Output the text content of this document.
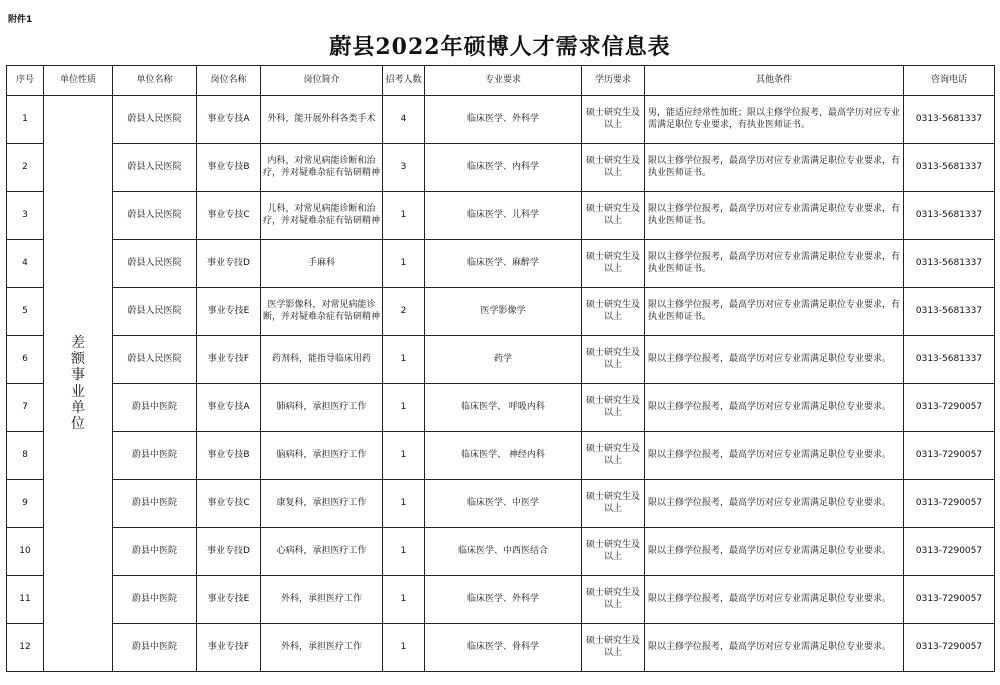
附件1
蔚县2022年硕博人才需求信息表
序号	单位性质	单位名称	岗位名称	岗位简介	招考人数	专业要求	学历要求	其他条件	咨询电话
1	差额事业单位	蔚县人民医院	事业专技A	外科，能开展外科各类手术	4	临床医学、外科学	硕士研究生及以上	男，能适应经常性加班；限以主修学位报考，最高学历对应专业需满足职位专业要求，有执业医师证书。	0313-5681337
2		蔚县人民医院	事业专技B	内科，对常见病能诊断和治疗，并对疑难杂症有钻研精神	3	临床医学、内科学	硕士研究生及以上	限以主修学位报考，最高学历对应专业需满足职位专业要求，有执业医师证书。	0313-5681337
3		蔚县人民医院	事业专技C	儿科，对常见病能诊断和治疗，并对疑难杂症有钻研精神	1	临床医学、儿科学	硕士研究生及以上	限以主修学位报考，最高学历对应专业需满足职位专业要求，有执业医师证书。	0313-5681337
4		蔚县人民医院	事业专技D	手麻科	1	临床医学、麻醉学	硕士研究生及以上	限以主修学位报考，最高学历对应专业需满足职位专业要求，有执业医师证书。	0313-5681337
5		蔚县人民医院	事业专技E	医学影像科，对常见病能诊断，并对疑难杂症有钻研精神	2	医学影像学	硕士研究生及以上	限以主修学位报考，最高学历对应专业需满足职位专业要求，有执业医师证书。	0313-5681337
6		蔚县人民医院	事业专技F	药剂科，能指导临床用药	1	药学	硕士研究生及以上	限以主修学位报考，最高学历对应专业需满足职位专业要求。	0313-5681337
7		蔚县中医院	事业专技A	肺病科，承担医疗工作	1	临床医学、 呼吸内科	硕士研究生及以上	限以主修学位报考，最高学历对应专业需满足职位专业要求。	0313-7290057
8		蔚县中医院	事业专技B	脑病科，承担医疗工作	1	临床医学、 神经内科	硕士研究生及以上	限以主修学位报考，最高学历对应专业需满足职位专业要求。	0313-7290057
9		蔚县中医院	事业专技C	康复科，承担医疗工作	1	临床医学、中医学	硕士研究生及以上	限以主修学位报考，最高学历对应专业需满足职位专业要求。	0313-7290057
10		蔚县中医院	事业专技D	心病科，承担医疗工作	1	临床医学、中西医结合	硕士研究生及以上	限以主修学位报考，最高学历对应专业需满足职位专业要求。	0313-7290057
11		蔚县中医院	事业专技E	外科，承担医疗工作	1	临床医学、外科学	硕士研究生及以上	限以主修学位报考，最高学历对应专业需满足职位专业要求。	0313-7290057
12		蔚县中医院	事业专技F	外科，承担医疗工作	1	临床医学、骨科学	硕士研究生及以上	限以主修学位报考，最高学历对应专业需满足职位专业要求。	0313-7290057
